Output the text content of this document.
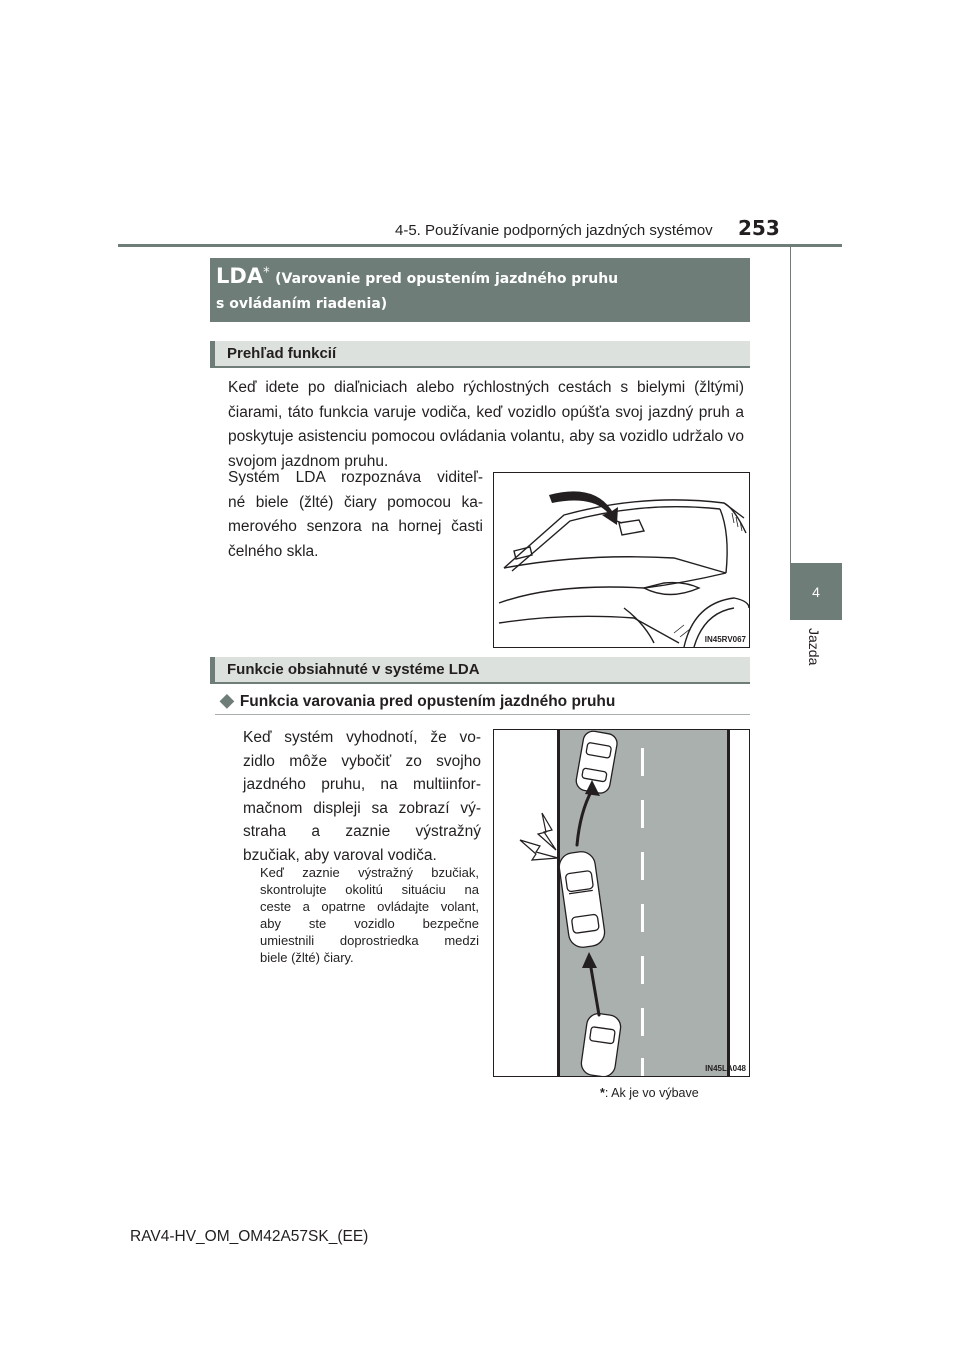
4-5. Používanie podporných jazdných systémov 253
4
Jazda
LDA* (Varovanie pred opustením jazdného pruhu
s ovládaním riadenia)
Prehľad funkcií
Keď idete po diaľniciach alebo rýchlostných cestách s bielymi (žltými) čiarami, táto funkcia varuje vodiča, keď vozidlo opúšťa svoj jazdný pruh a poskytuje asistenciu pomocou ovládania volantu, aby sa vozidlo udržalo vo svojom jazdnom pruhu.
Systém LDA rozpoznáva viditeľ-
né biele (žlté) čiary pomocou ka-
merového senzora na hornej časti
čelného skla.
IN45RV067
Funkcie obsiahnuté v systéme LDA
◆ Funkcia varovania pred opustením jazdného pruhu
Keď systém vyhodnotí, že vo-
zidlo môže vybočiť zo svojho
jazdného pruhu, na multiinfor-
mačnom displeji sa zobrazí vý-
straha a zaznie výstražný
bzučiak, aby varoval vodiča.
Keď zaznie výstražný bzučiak,
skontrolujte okolitú situáciu na
ceste a opatrne ovládajte volant,
aby ste vozidlo bezpečne
umiestnili doprostriedka medzi
biele (žlté) čiary.
IN45LA048
*: Ak je vo výbave
RAV4-HV_OM_OM42A57SK_(EE)
